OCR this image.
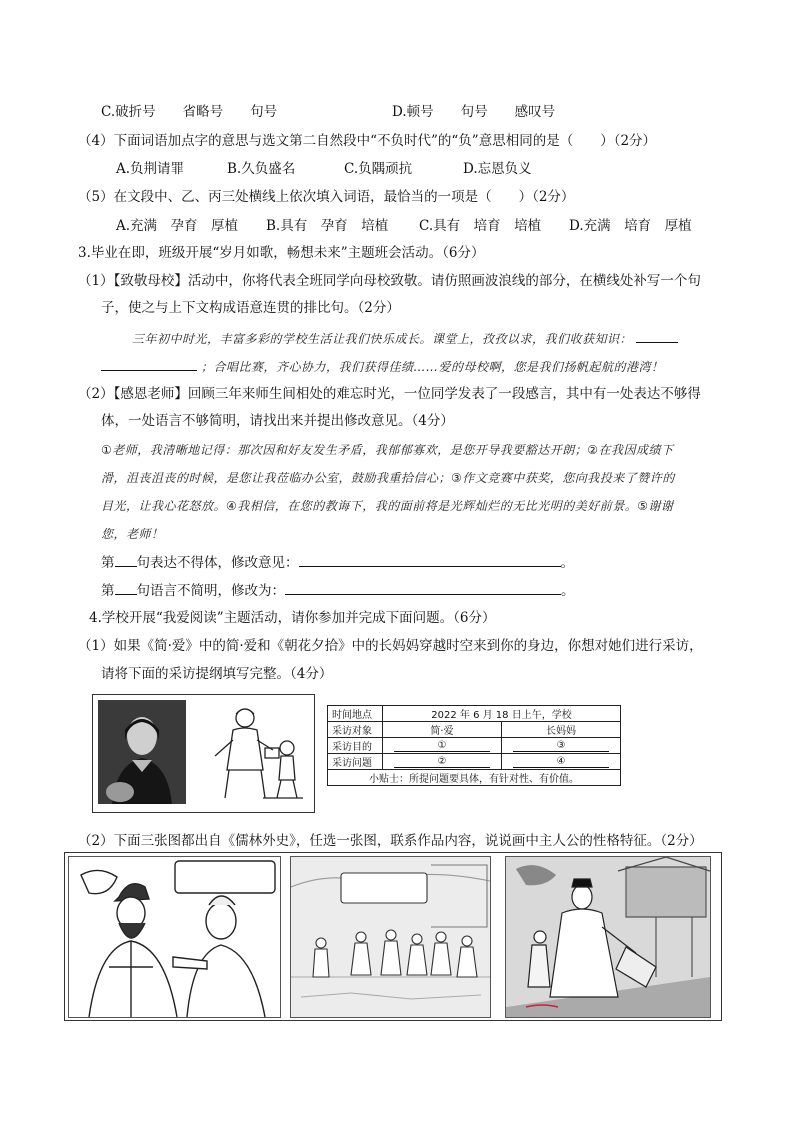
C.破折号　　省略号　　句号	D.顿号　　句号　　感叹号
（4）下面词语加点字的意思与选文第二自然段中“不负时代”的“负”意思相同的是（　　）（2分）
A.负荆请罪	B.久负盛名	C.负隅顽抗	D.忘恩负义
（5）在文段中、乙、丙三处横线上依次填入词语，最恰当的一项是（　　）（2分）
A.充满　孕育　厚植 B.具有　孕育　培植 C.具有　培育　培植 D.充满　培育　厚植
3.毕业在即，班级开展“岁月如歌，畅想未来”主题班会活动。（6分）
（1）【致敬母校】活动中，你将代表全班同学向母校致敬。请仿照画波浪线的部分，在横线处补写一个句
子，使之与上下文构成语意连贯的排比句。（2分）
三年初中时光，丰富多彩的学校生活让我们快乐成长。课堂上，孜孜以求，我们收获知识：
；合唱比赛，齐心协力，我们获得佳绩……爱的母校啊，您是我们扬帆起航的港湾！
（2）【感恩老师】回顾三年来师生间相处的难忘时光，一位同学发表了一段感言，其中有一处表达不够得
体，一处语言不够简明，请找出来并提出修改意见。（4分）
①老师，我清晰地记得：那次因和好友发生矛盾，我郁郁寡欢，是您开导我要豁达开朗；②在我因成绩下
滑，沮丧沮丧的时候，是您让我莅临办公室，鼓励我重拾信心；③作文竞赛中获奖，您向我投来了赞许的
目光，让我心花怒放。④我相信，在您的教诲下，我的面前将是光辉灿烂的无比光明的美好前景。⑤谢谢
您，老师！
第 句表达不得体，修改意见：	。
第 句语言不简明，修改为：	。
4.学校开展“我爱阅读”主题活动，请你参加并完成下面问题。（6分）
（1）如果《简·爱》中的简·爱和《朝花夕拾》中的长妈妈穿越时空来到你的身边，你想对她们进行采访，
请将下面的采访提纲填写完整。（4分）
时间地点	2022 年 6 月 18 日上午，学校	
采访对象	简·爱	长妈妈
采访目的	①	③
采访问题	②	④
小贴士：所提问题要具体，有针对性、有价值。		
（2）下面三张图都出自《儒林外史》，任选一张图，联系作品内容，说说画中主人公的性格特征。（2分）
